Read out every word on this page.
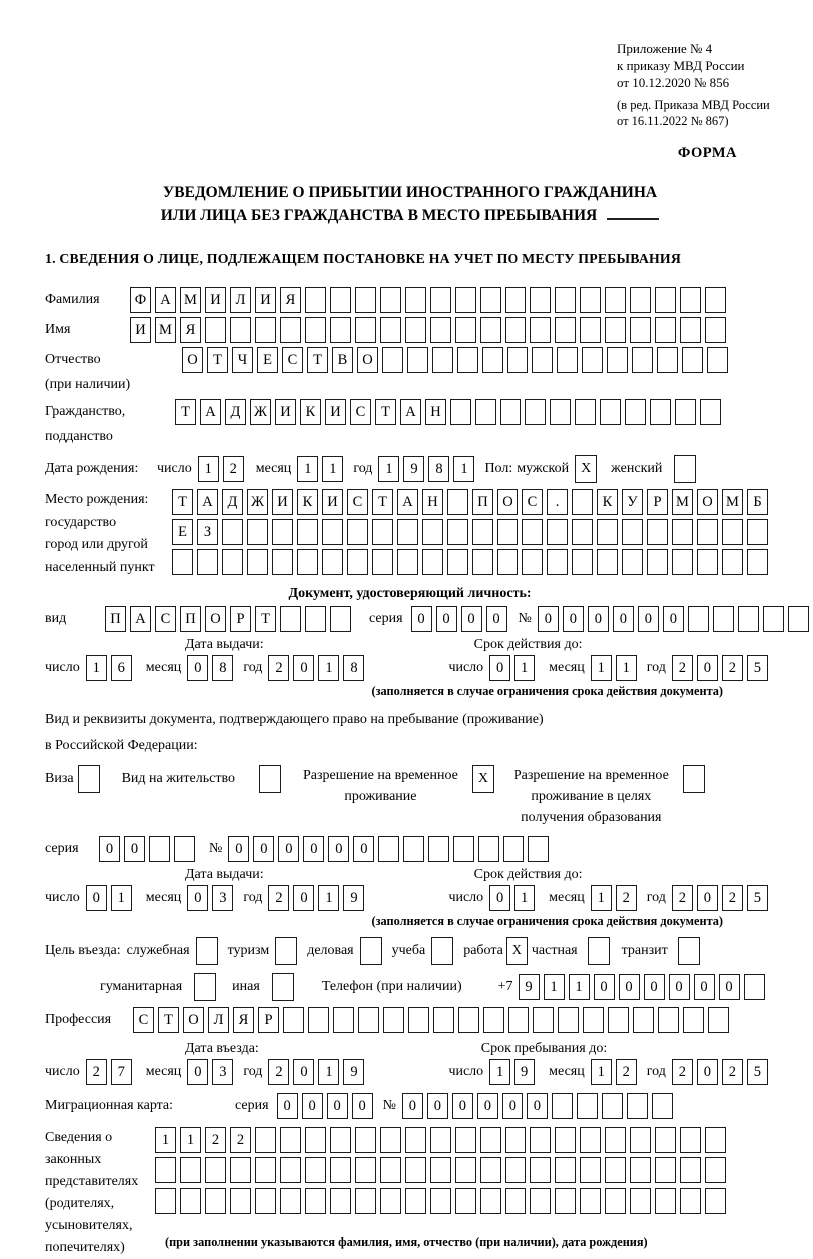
Приложение № 4
к приказу МВД России
от 10.12.2020 № 856
(в ред. Приказа МВД России
от 16.11.2022 № 867)
ФОРМА
УВЕДОМЛЕНИЕ О ПРИБЫТИИ ИНОСТРАННОГО ГРАЖДАНИНА
ИЛИ ЛИЦА БЕЗ ГРАЖДАНСТВА В МЕСТО ПРЕБЫВАНИЯ
1. СВЕДЕНИЯ О ЛИЦЕ, ПОДЛЕЖАЩЕМ ПОСТАНОВКЕ НА УЧЕТ ПО МЕСТУ ПРЕБЫВАНИЯ
Фамилия	Ф А М И	Л	И	Я
Имя	И М Я
Отчество
(при наличии)
О	Т	Ч	Е	С	Т	В	О
Гражданство,
подданство
Т	А	Д Ж И	К	И	С	Т	А	Н
Дата рождения:	число 1	2	месяц 1	1	год 1	9	8	1	Пол: мужской X	женский
Место рождения:
государство
город или другой
населенный пункт
Т	А	Д Ж И	К	И	С	Т	А	Н	П	О	С	.	К	У	Р	М О М Б

Е	З

Документ, удостоверяющий личность:
вид	П	А	С	П	О	Р	Т	серия	0	0	0	0	№ 0	0	0	0	0	0
Дата выдачи:	Срок действия до:
число 1	6	месяц 0	8	год 2	0	1	8	число 0	1	месяц 1	1	год 2	0	2	5
(заполняется в случае ограничения срока действия документа)
Вид и реквизиты документа, подтверждающего право на пребывание (проживание)
в Российской Федерации:
Виза	Вид на жительство	Разрешение на временное
проживание
X	Разрешение на временное
проживание в целях
получения образования
серия	0	0	№ 0	0	0	0	0	0
Дата выдачи:	Срок действия до:
число 0	1	месяц 0	3	год 2	0	1	9	число 0	1	месяц 1	2	год 2	0	2	5
(заполняется в случае ограничения срока действия документа)
Цель въезда: служебная	туризм	деловая	учеба	работа X частная	транзит
гуманитарная	иная	Телефон (при наличии)	+7 9	1	1	0	0	0	0	0	0
Профессия	С	Т	О	Л	Я	Р
Дата въезда:	Срок пребывания до:
число 2	7	месяц 0	3	год 2	0	1	9	число 1	9	месяц 1	2	год 2	0	2	5
Миграционная карта:	серия	0	0	0	0	№ 0	0	0	0	0	0
Сведения о
законных
представителях
(родителях,
усыновителях,
попечителях)
1	1	2	2

(при заполнении указываются фамилия, имя, отчество (при наличии), дата рождения)
